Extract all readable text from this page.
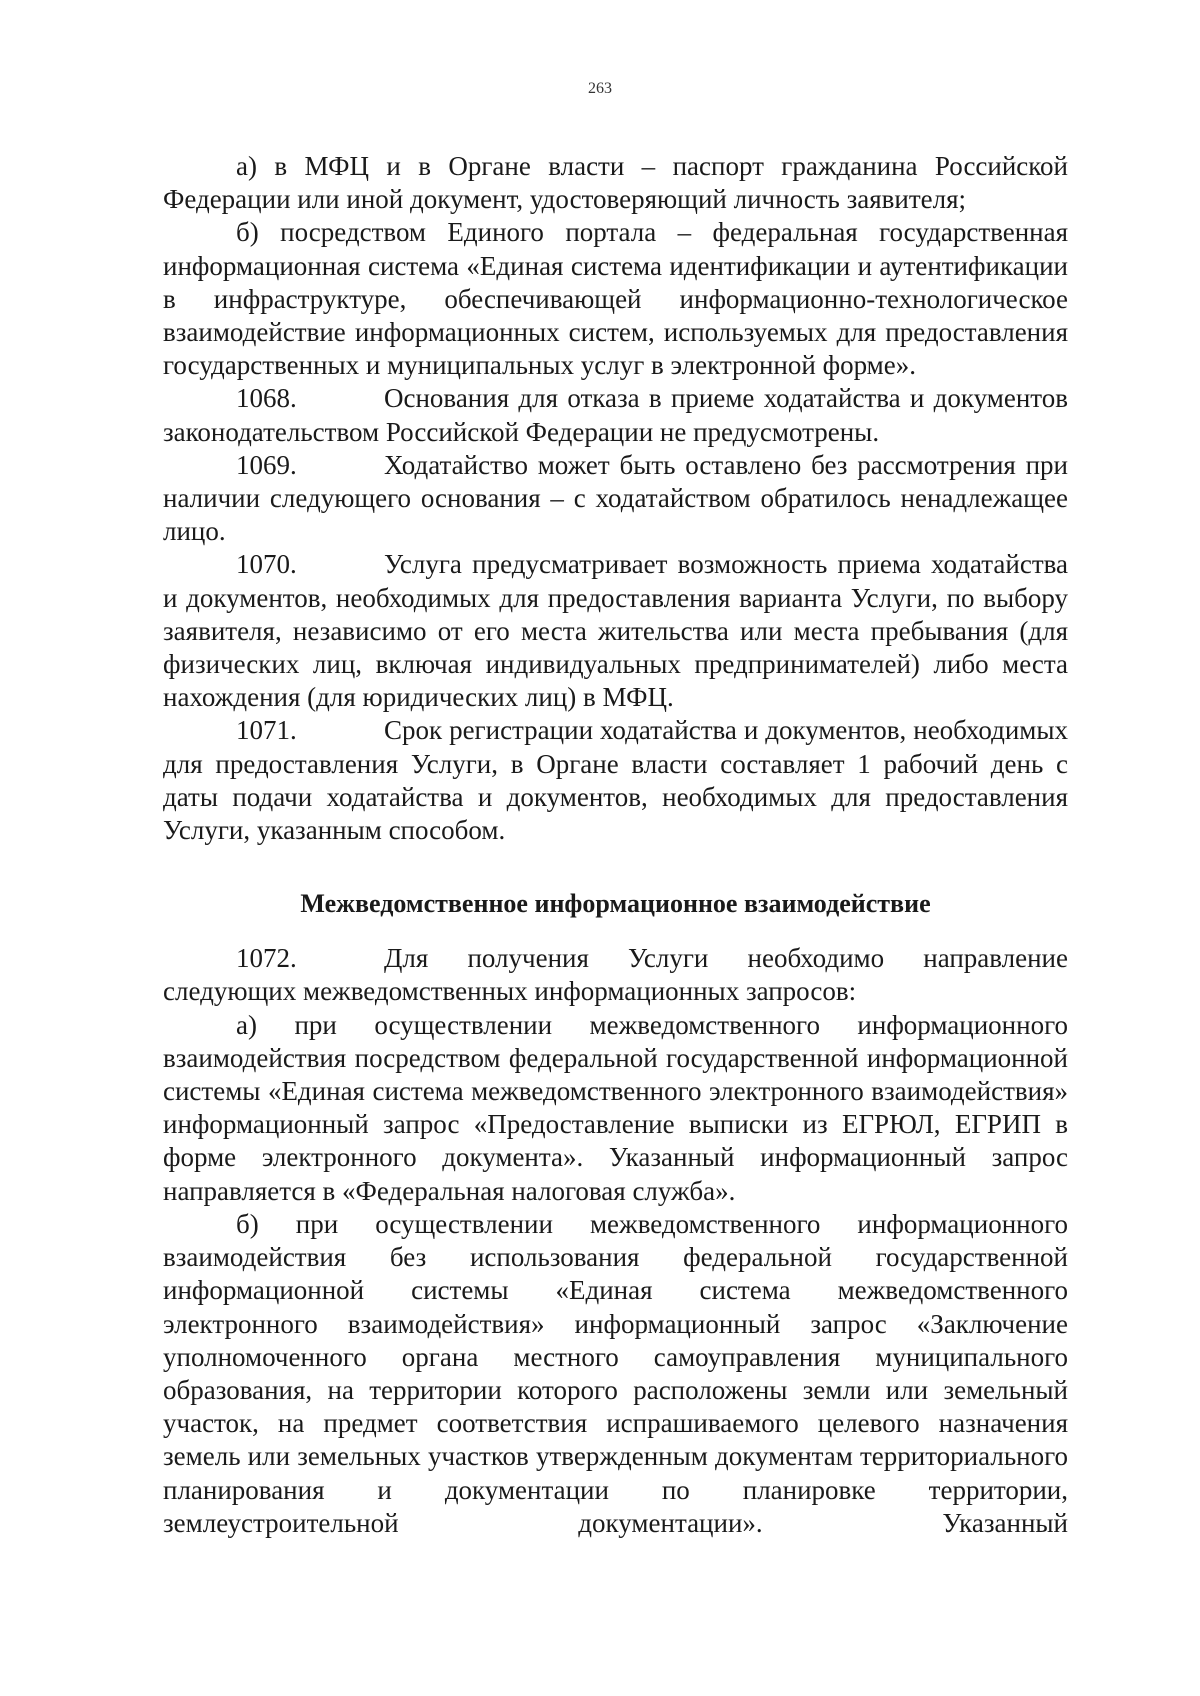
263

а) в МФЦ и в Органе власти – паспорт гражданина Российской Федерации или иной документ, удостоверяющий личность заявителя;

б) посредством Единого портала – федеральная государственная информационная система «Единая система идентификации и аутентификации в инфраструктуре, обеспечивающей информационно-технологическое взаимодействие информационных систем, используемых для предоставления государственных и муниципальных услуг в электронной форме».

1068.	Основания для отказа в приеме ходатайства и документов законодательством Российской Федерации не предусмотрены.

1069.	Ходатайство может быть оставлено без рассмотрения при наличии следующего основания – с ходатайством обратилось ненадлежащее лицо.

1070.	Услуга предусматривает возможность приема ходатайства и документов, необходимых для предоставления варианта Услуги, по выбору заявителя, независимо от его места жительства или места пребывания (для физических лиц, включая индивидуальных предпринимателей) либо места нахождения (для юридических лиц) в МФЦ.

1071.	Срок регистрации ходатайства и документов, необходимых для предоставления Услуги, в Органе власти составляет 1 рабочий день с даты подачи ходатайства и документов, необходимых для предоставления Услуги, указанным способом.

Межведомственное информационное взаимодействие

1072.	Для получения Услуги необходимо направление следующих межведомственных информационных запросов:

а) при осуществлении межведомственного информационного взаимодействия посредством федеральной государственной информационной системы «Единая система межведомственного электронного взаимодействия» информационный запрос «Предоставление выписки из ЕГРЮЛ, ЕГРИП в форме электронного документа». Указанный информационный запрос направляется в «Федеральная налоговая служба».

б) при осуществлении межведомственного информационного взаимодействия без использования федеральной государственной информационной системы «Единая система межведомственного электронного взаимодействия» информационный запрос «Заключение уполномоченного органа местного самоуправления муниципального образования, на территории которого расположены земли или земельный участок, на предмет соответствия испрашиваемого целевого назначения земель или земельных участков утвержденным документам территориального планирования и документации по планировке территории, землеустроительной документации». Указанный
